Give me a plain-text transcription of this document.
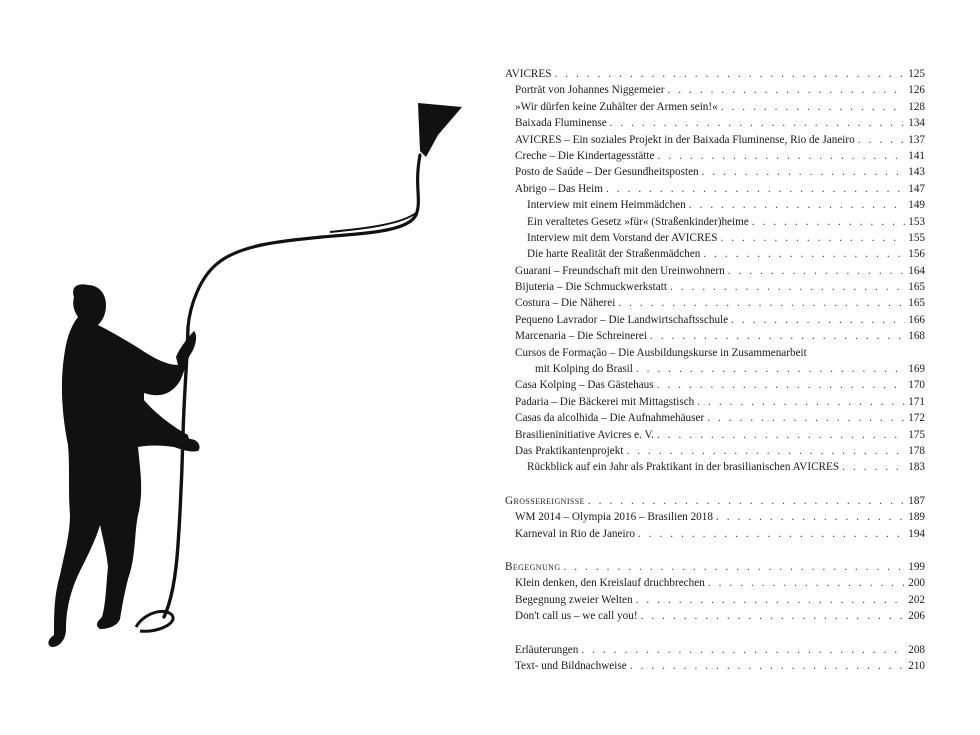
AVICRES . . .	125
Porträt von Johannes Niggemeier . . .	126
»Wir dürfen keine Zuhälter der Armen sein!« . . .	128
Baixada Fluminense . . .	134
AVICRES – Ein soziales Projekt in der Baixada Fluminense, Rio de Janeiro . . .	137
Creche – Die Kindertagesstätte . . .	141
Posto de Saúde – Der Gesundheitsposten . . .	143
Abrigo – Das Heim . . .	147
Interview mit einem Heimmädchen . . .	149
Ein veraltetes Gesetz »für« (Straßenkinder)heime . . .	153
Interview mit dem Vorstand der AVICRES . . .	155
Die harte Realität der Straßenmädchen . . .	156
Guarani – Freundschaft mit den Ureinwohnern . . .	164
Bijuteria – Die Schmuckwerkstatt . . .	165
Costura – Die Näherei . . .	165
Pequeno Lavrador – Die Landwirtschaftsschule . . .	166
Marcenaria – Die Schreinerei . . .	168
Cursos de Formação – Die Ausbildungskurse in Zusammenarbeit
mit Kolping do Brasil . . .	169
Casa Kolping – Das Gästehaus . . .	170
Padaria – Die Bäckerei mit Mittagstisch . . .	171
Casas da alcolhida – Die Aufnahmehäuser . . .	172
Brasilieninitiative Avicres e. V. . . .	175
Das Praktikantenprojekt . . .	178
Rückblick auf ein Jahr als Praktikant in der brasilianischen AVICRES . . .	183
Grossereignisse . . .	187
WM 2014 – Olympia 2016 – Brasilien 2018 . . .	189
Karneval in Rio de Janeiro . . .	194
Begegnung . . .	199
Klein denken, den Kreislauf druchbrechen . . .	200
Begegnung zweier Welten . . .	202
Don't call us – we call you! . . .	206
Erläuterungen . . .	208
Text- und Bildnachweise . . .	210
